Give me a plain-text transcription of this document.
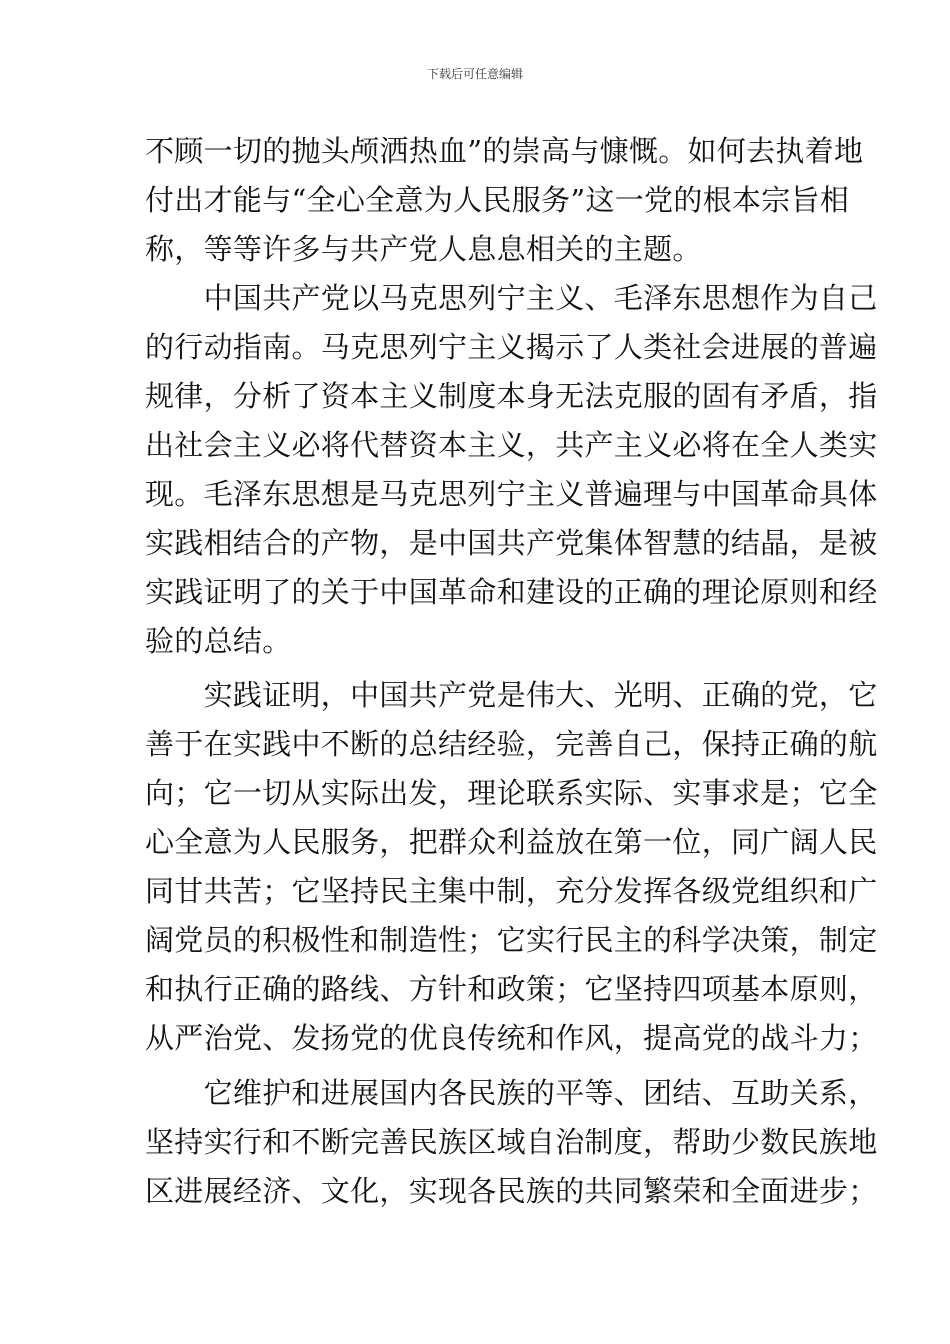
下载后可任意编辑

不顾一切的抛头颅洒热血”的崇高与慷慨。如何去执着地

付出才能与“全心全意为人民服务”这一党的根本宗旨相

称，等等许多与共产党人息息相关的主题。

　　中国共产党以马克思列宁主义、毛泽东思想作为自己

的行动指南。马克思列宁主义揭示了人类社会进展的普遍

规律，分析了资本主义制度本身无法克服的固有矛盾，指

出社会主义必将代替资本主义，共产主义必将在全人类实

现。毛泽东思想是马克思列宁主义普遍理与中国革命具体

实践相结合的产物，是中国共产党集体智慧的结晶，是被

实践证明了的关于中国革命和建设的正确的理论原则和经

验的总结。

　　实践证明，中国共产党是伟大、光明、正确的党，它

善于在实践中不断的总结经验，完善自己，保持正确的航

向；它一切从实际出发，理论联系实际、实事求是；它全

心全意为人民服务，把群众利益放在第一位，同广阔人民

同甘共苦；它坚持民主集中制，充分发挥各级党组织和广

阔党员的积极性和制造性；它实行民主的科学决策，制定

和执行正确的路线、方针和政策；它坚持四项基本原则，

从严治党、发扬党的优良传统和作风，提高党的战斗力；

　　它维护和进展国内各民族的平等、团结、互助关系，

坚持实行和不断完善民族区域自治制度，帮助少数民族地

区进展经济、文化，实现各民族的共同繁荣和全面进步；
